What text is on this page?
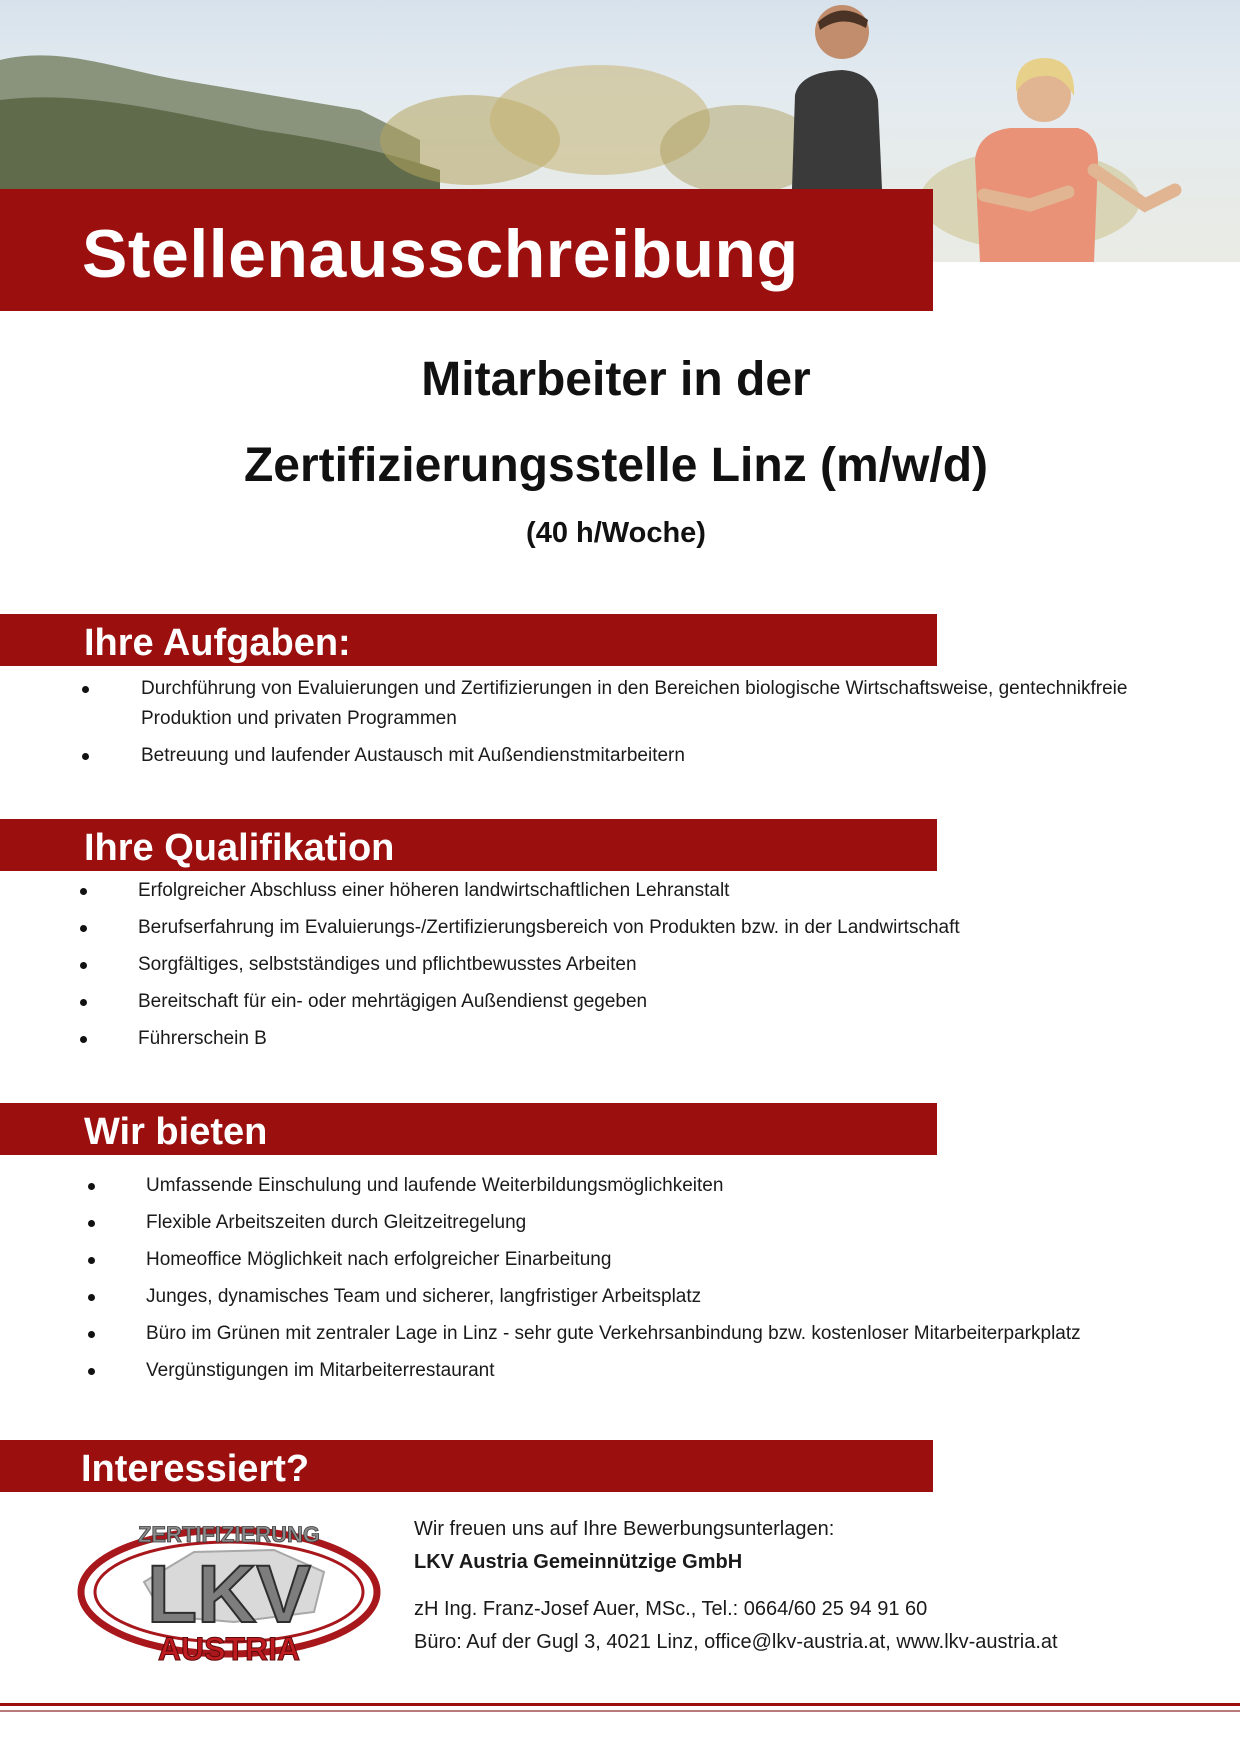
Stellenausschreibung
Mitarbeiter in der
Zertifizierungsstelle Linz (m/w/d)
(40 h/Woche)
Ihre Aufgaben:
Durchführung von Evaluierungen und Zertifizierungen in den Bereichen biologische Wirtschaftsweise, gentechnikfreie
Produktion und privaten Programmen
Betreuung und laufender Austausch mit Außendienstmitarbeitern
Ihre Qualifikation
Erfolgreicher Abschluss einer höheren landwirtschaftlichen Lehranstalt
Berufserfahrung im Evaluierungs-/Zertifizierungsbereich von Produkten bzw. in der Landwirtschaft
Sorgfältiges, selbstständiges und pflichtbewusstes Arbeiten
Bereitschaft für ein- oder mehrtägigen Außendienst gegeben
Führerschein B
Wir bieten
Umfassende Einschulung und laufende Weiterbildungsmöglichkeiten
Flexible Arbeitszeiten durch Gleitzeitregelung
Homeoffice Möglichkeit nach erfolgreicher Einarbeitung
Junges, dynamisches Team und sicherer, langfristiger Arbeitsplatz
Büro im Grünen mit zentraler Lage in Linz - sehr gute Verkehrsanbindung bzw. kostenloser Mitarbeiterparkplatz
Vergünstigungen im Mitarbeiterrestaurant
Interessiert?
ZERTIFIZIERUNG
LKV
AUSTRIA
Wir freuen uns auf Ihre Bewerbungsunterlagen:
LKV Austria Gemeinnützige GmbH
zH Ing. Franz-Josef Auer, MSc., Tel.: 0664/60 25 94 91 60
Büro: Auf der Gugl 3, 4021 Linz, office@lkv-austria.at, www.lkv-austria.at
